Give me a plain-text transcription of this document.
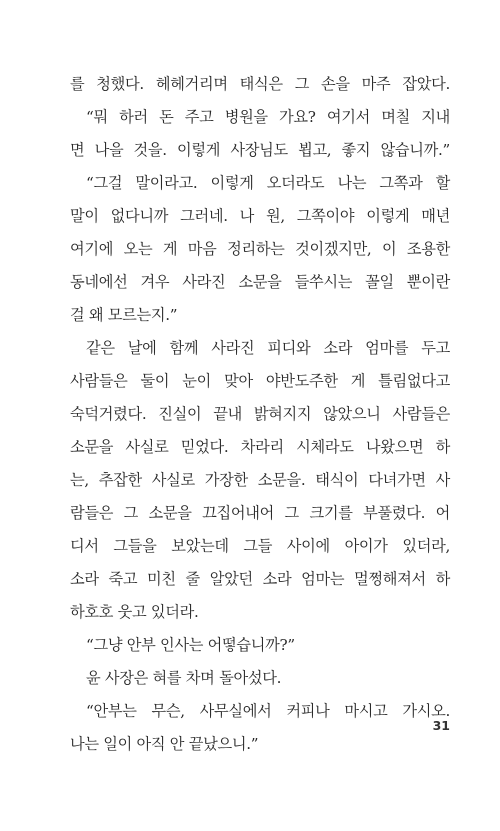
를 청했다. 헤헤거리며 태식은 그 손을 마주 잡았다.
“뭐 하러 돈 주고 병원을 가요? 여기서 며칠 지내
면 나을 것을. 이렇게 사장님도 뵙고, 좋지 않습니까.”
“그걸 말이라고. 이렇게 오더라도 나는 그쪽과 할
말이 없다니까 그러네. 나 원, 그쪽이야 이렇게 매년
여기에 오는 게 마음 정리하는 것이겠지만, 이 조용한
동네에선 겨우 사라진 소문을 들쑤시는 꼴일 뿐이란
걸 왜 모르는지.”
같은 날에 함께 사라진 피디와 소라 엄마를 두고
사람들은 둘이 눈이 맞아 야반도주한 게 틀림없다고
숙덕거렸다. 진실이 끝내 밝혀지지 않았으니 사람들은
소문을 사실로 믿었다. 차라리 시체라도 나왔으면 하
는, 추잡한 사실로 가장한 소문을. 태식이 다녀가면 사
람들은 그 소문을 끄집어내어 그 크기를 부풀렸다. 어
디서 그들을 보았는데 그들 사이에 아이가 있더라,
소라 죽고 미친 줄 알았던 소라 엄마는 멀쩡해져서 하
하호호 웃고 있더라.
“그냥 안부 인사는 어떻습니까?”
윤 사장은 혀를 차며 돌아섰다.
“안부는 무슨, 사무실에서 커피나 마시고 가시오.
나는 일이 아직 안 끝났으니.”
31
